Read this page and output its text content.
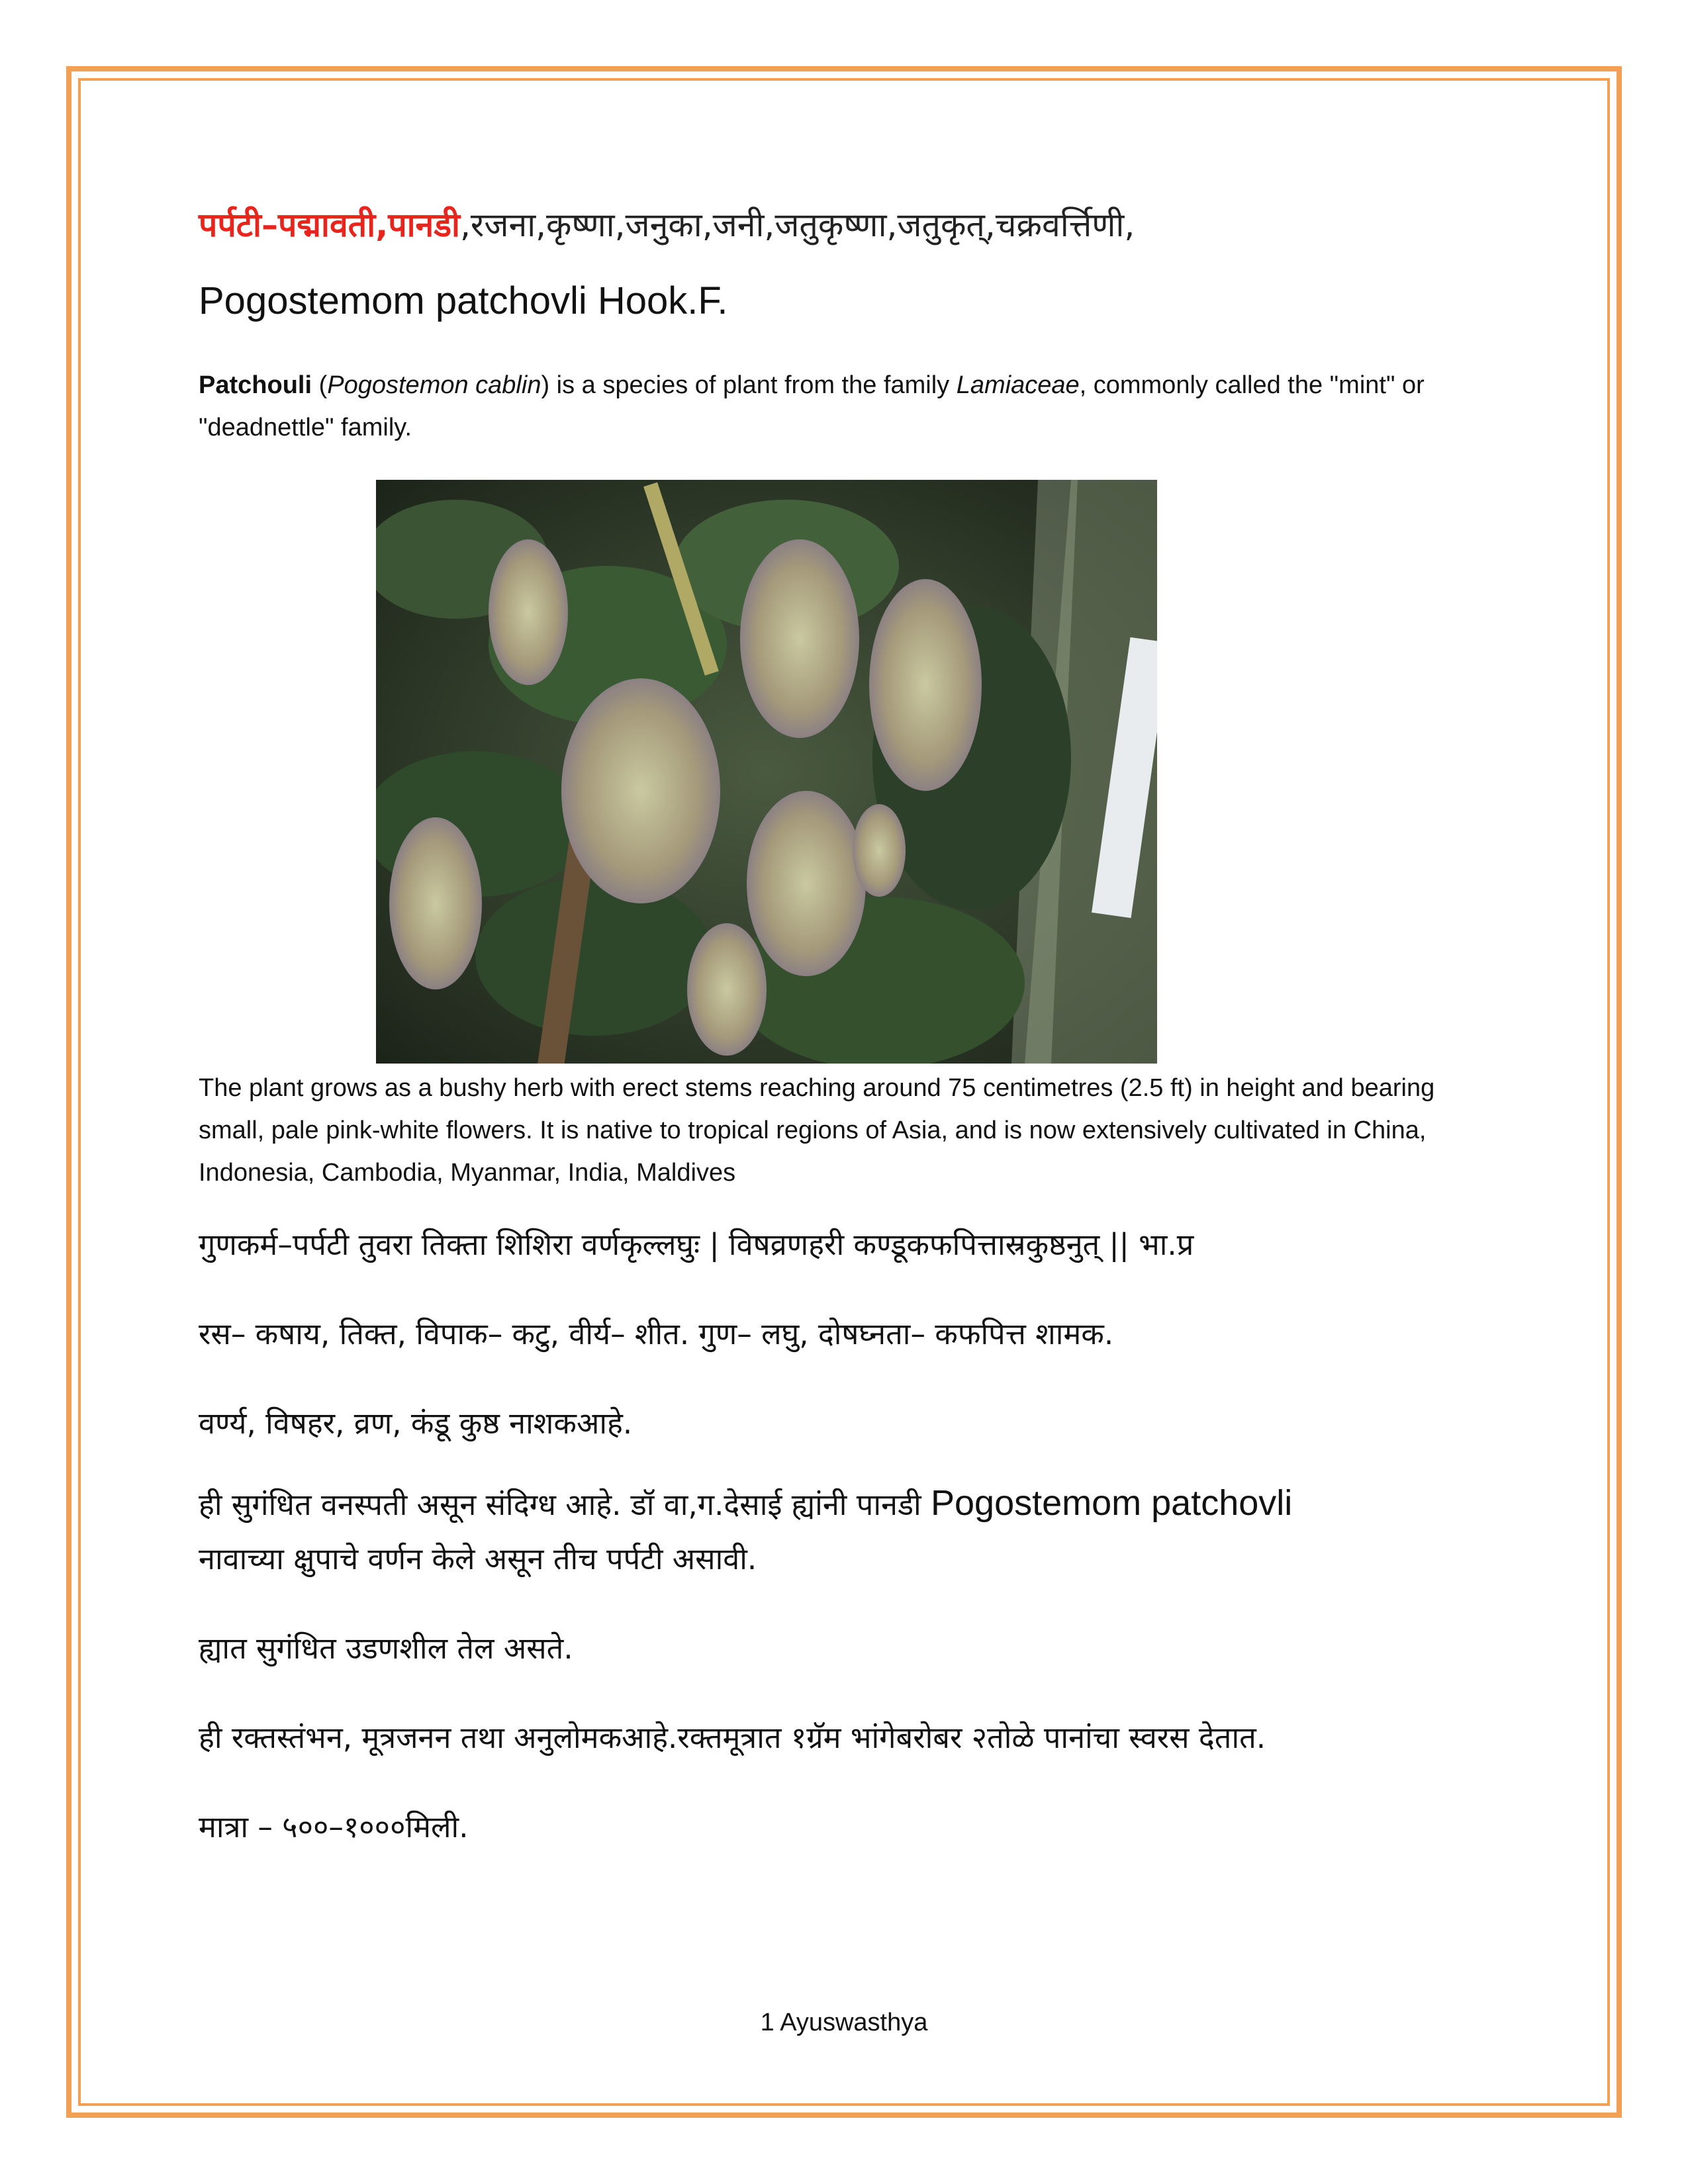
पर्पटी–पद्मावती,पानडी,रजना,कृष्णा,जनुका,जनी,जतुकृष्णा,जतुकृत्,चक्रवर्त्तिणी,
Pogostemom patchovli Hook.F.
Patchouli (Pogostemon cablin) is a species of plant from the family Lamiaceae, commonly called the "mint" or "deadnettle" family.
The plant grows as a bushy herb with erect stems reaching around 75 centimetres (2.5 ft) in height and bearing small, pale pink-white flowers. It is native to tropical regions of Asia, and is now extensively cultivated in China, Indonesia, Cambodia, Myanmar, India, Maldives
गुणकर्म–पर्पटी तुवरा तिक्ता शिशिरा वर्णकृल्लघुः | विषव्रणहरी कण्डूकफपित्तास्रकुष्ठनुत् || भा.प्र
रस– कषाय, तिक्त, विपाक– कटु, वीर्य– शीत. गुण– लघु, दोषघ्नता– कफपित्त शामक.
वर्ण्य, विषहर, व्रण, कंडू कुष्ठ नाशकआहे.
ही सुगंधित वनस्पती असून संदिग्ध आहे. डॉ वा,ग.देसाई ह्यांनी पानडी Pogostemom patchovli
नावाच्या क्षुपाचे वर्णन केले असून तीच पर्पटी असावी.
ह्यात सुगंधित उडणशील तेल असते.
ही रक्तस्तंभन, मूत्रजनन तथा अनुलोमकआहे.रक्तमूत्रात १ग्रॅम भांगेबरोबर २तोळे पानांचा स्वरस देतात.
मात्रा – ५००–१०००मिली.
1 Ayuswasthya
